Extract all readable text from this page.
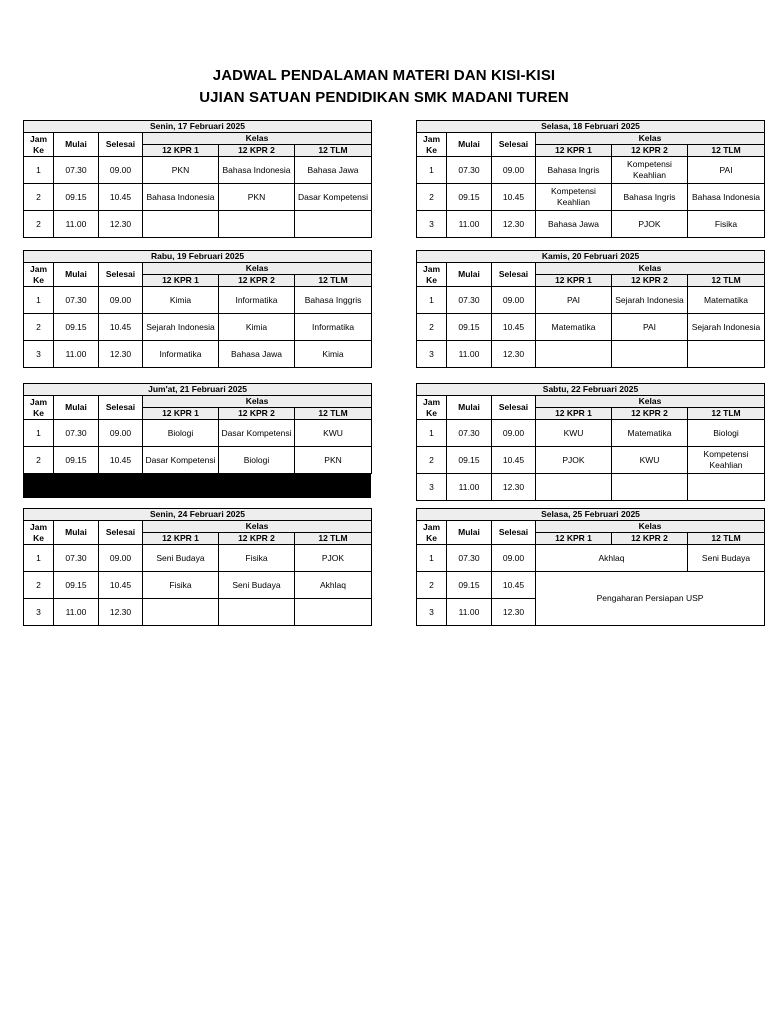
JADWAL PENDALAMAN MATERI DAN KISI-KISI
UJIAN SATUAN PENDIDIKAN SMK MADANI TUREN
Senin, 17 Februari 2025					
Jam
Ke	Mulai	Selesai	Kelas		
			12 KPR 1	12 KPR 2	12 TLM
1	07.30	09.00	PKN	Bahasa Indonesia	Bahasa Jawa
2	09.15	10.45	Bahasa Indonesia	PKN	Dasar Kompetensi
2	11.00	12.30			
Selasa, 18 Februari 2025					
Jam
Ke	Mulai	Selesai	Kelas		
			12 KPR 1	12 KPR 2	12 TLM
1	07.30	09.00	Bahasa Ingris	Kompetensi Keahlian	PAI
2	09.15	10.45	Kompetensi Keahlian	Bahasa Ingris	Bahasa Indonesia
3	11.00	12.30	Bahasa Jawa	PJOK	Fisika
Rabu, 19 Februari 2025					
Jam
Ke	Mulai	Selesai	Kelas		
			12 KPR 1	12 KPR 2	12 TLM
1	07.30	09.00	Kimia	Informatika	Bahasa Inggris
2	09.15	10.45	Sejarah Indonesia	Kimia	Informatika
3	11.00	12.30	Informatika	Bahasa Jawa	Kimia
Kamis, 20 Februari 2025					
Jam
Ke	Mulai	Selesai	Kelas		
			12 KPR 1	12 KPR 2	12 TLM
1	07.30	09.00	PAI	Sejarah Indonesia	Matematika
2	09.15	10.45	Matematika	PAI	Sejarah Indonesia
3	11.00	12.30			
Jum'at, 21 Februari 2025					
Jam
Ke	Mulai	Selesai	Kelas		
			12 KPR 1	12 KPR 2	12 TLM
1	07.30	09.00	Biologi	Dasar Kompetensi	KWU
2	09.15	10.45	Dasar Kompetensi	Biologi	PKN
Sabtu, 22 Februari 2025					
Jam
Ke	Mulai	Selesai	Kelas		
			12 KPR 1	12 KPR 2	12 TLM
1	07.30	09.00	KWU	Matematika	Biologi
2	09.15	10.45	PJOK	KWU	Kompetensi Keahlian
3	11.00	12.30			
Senin, 24 Februari 2025					
Jam
Ke	Mulai	Selesai	Kelas		
			12 KPR 1	12 KPR 2	12 TLM
1	07.30	09.00	Seni Budaya	Fisika	PJOK
2	09.15	10.45	Fisika	Seni Budaya	Akhlaq
3	11.00	12.30			
Selasa, 25 Februari 2025					
Jam
Ke	Mulai	Selesai	Kelas		
			12 KPR 1	12 KPR 2	12 TLM
1	07.30	09.00	Akhlaq		Seni Budaya
2	09.15	10.45	Pengaharan Persiapan USP		
3	11.00	12.30			
